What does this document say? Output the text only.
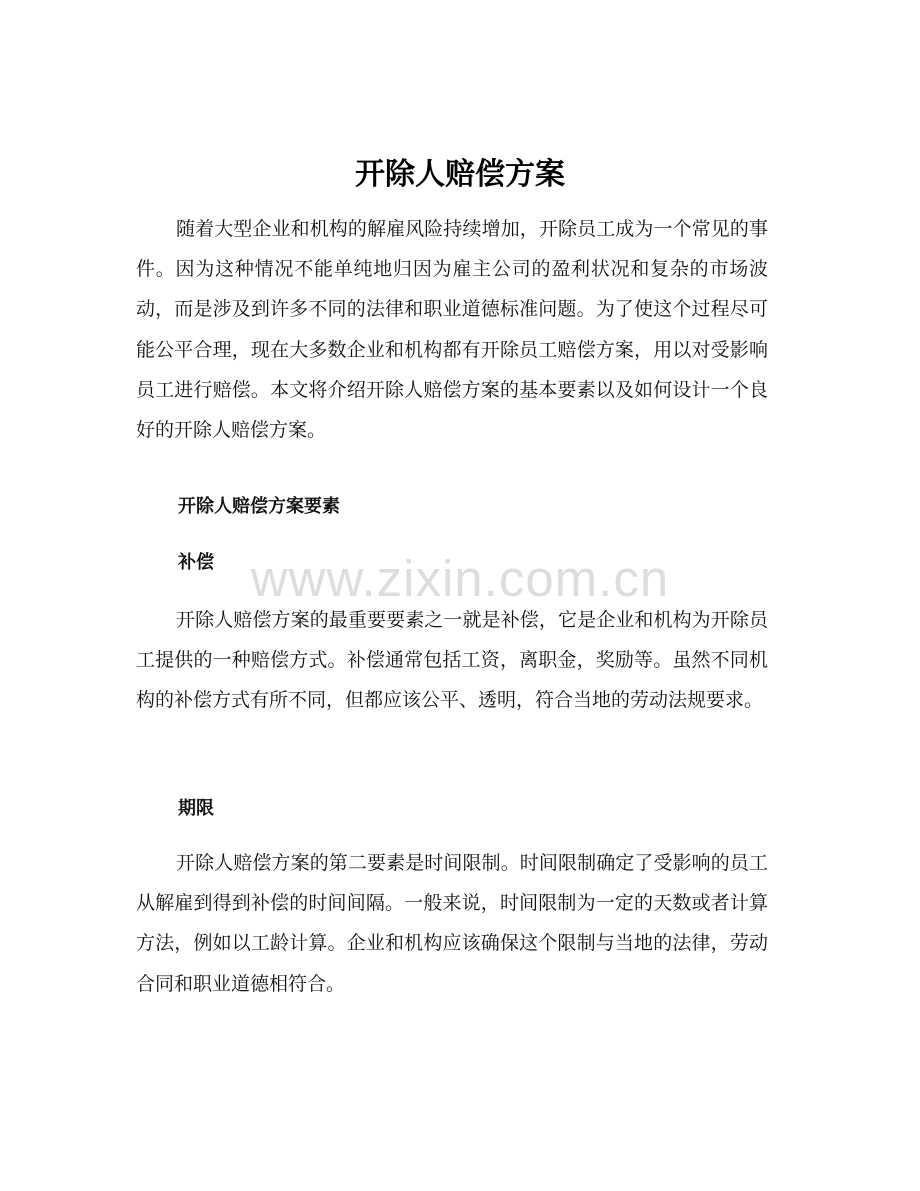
开除人赔偿方案

随着大型企业和机构的解雇风险持续增加，开除员工成为一个常见的事件。因为这种情况不能单纯地归因为雇主公司的盈利状况和复杂的市场波动，而是涉及到许多不同的法律和职业道德标准问题。为了使这个过程尽可能公平合理，现在大多数企业和机构都有开除员工赔偿方案，用以对受影响员工进行赔偿。本文将介绍开除人赔偿方案的基本要素以及如何设计一个良好的开除人赔偿方案。

开除人赔偿方案要素
补偿

开除人赔偿方案的最重要要素之一就是补偿，它是企业和机构为开除员工提供的一种赔偿方式。补偿通常包括工资，离职金，奖励等。虽然不同机构的补偿方式有所不同，但都应该公平、透明，符合当地的劳动法规要求。

期限

开除人赔偿方案的第二要素是时间限制。时间限制确定了受影响的员工从解雇到得到补偿的时间间隔。一般来说，时间限制为一定的天数或者计算方法，例如以工龄计算。企业和机构应该确保这个限制与当地的法律，劳动合同和职业道德相符合。

www.zixin.com.cn
